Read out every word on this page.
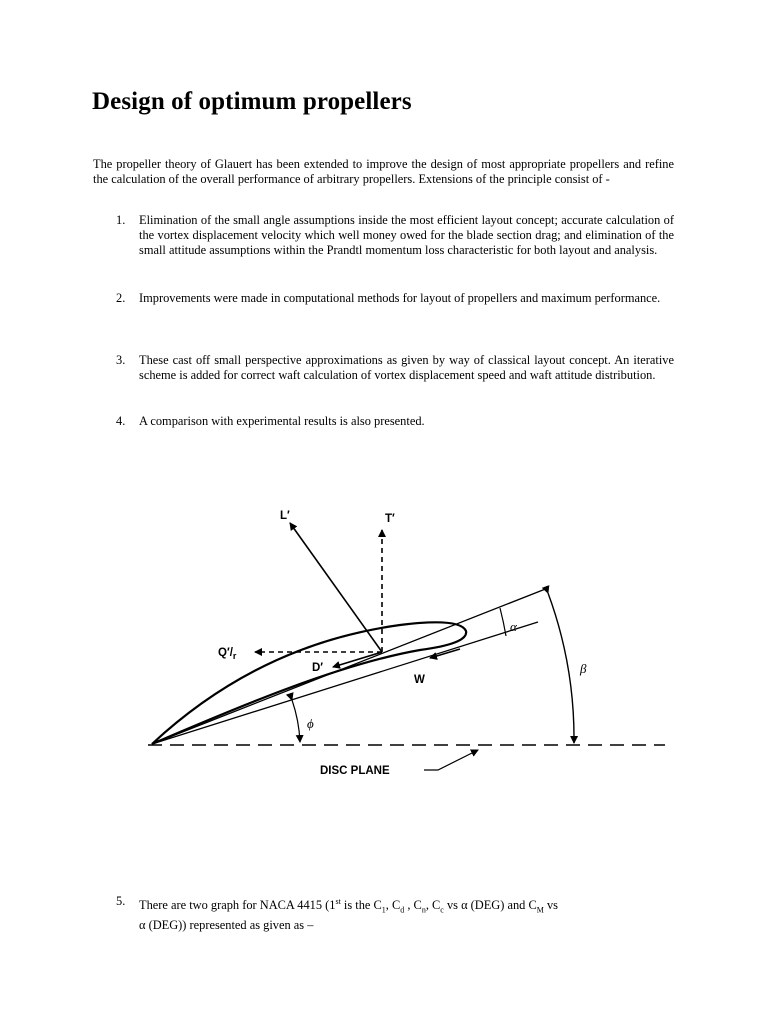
Design of optimum propellers

The propeller theory of Glauert has been extended to improve the design of most appropriate propellers and refine the calculation of the overall performance of arbitrary propellers. Extensions of the principle consist of -

1. Elimination of the small angle assumptions inside the most efficient layout concept; accurate calculation of the vortex displacement velocity which well money owed for the blade section drag; and elimination of the small attitude assumptions within the Prandtl momentum loss characteristic for both layout and analysis.
2. Improvements were made in computational methods for layout of propellers and maximum performance.
3. These cast off small perspective approximations as given by way of classical layout concept. An iterative scheme is added for correct waft calculation of vortex displacement speed and waft attitude distribution.
4. A comparison with experimental results is also presented.
L′	T′
$Q'/_r$
D′
W
α
β
ϕ
DISC PLANE
5. There are two graph for NACA 4415 (1st is the $C_1$, $C_d$ , $C_n$, $C_c$ vs α (DEG) and $C_M$ vs
α (DEG)) represented as given as –
